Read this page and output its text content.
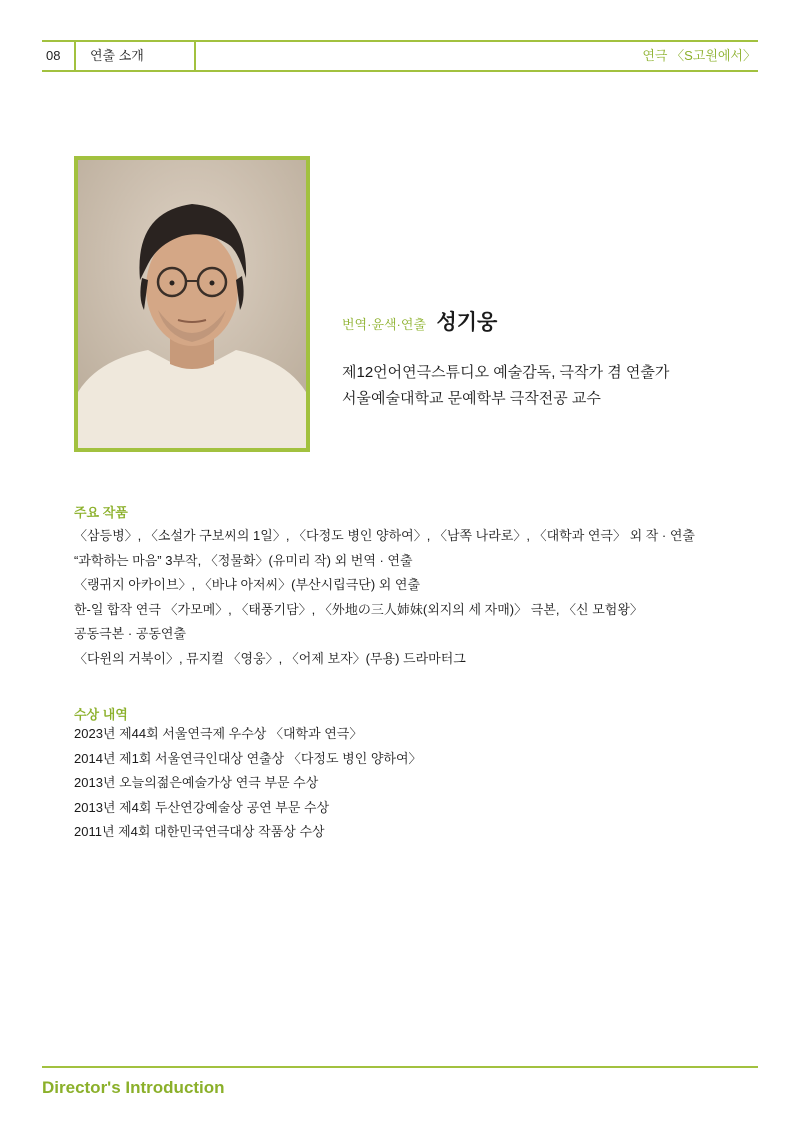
08	연출 소개	연극 〈S고원에서〉
번역·윤색·연출 성기웅
제12언어연극스튜디오 예술감독, 극작가 겸 연출가
서울예술대학교 문예학부 극작전공 교수
주요 작품
〈삼등병〉, 〈소설가 구보씨의 1일〉, 〈다정도 병인 양하여〉, 〈남쪽 나라로〉, 〈대학과 연극〉 외 작 · 연출
“과학하는 마음” 3부작, 〈정물화〉(유미리 작) 외 번역 · 연출
〈랭귀지 아카이브〉, 〈바냐 아저씨〉(부산시립극단) 외 연출
한-일 합작 연극 〈가모메〉, 〈태풍기담〉, 〈外地の三人姉妹(외지의 세 자매)〉 극본, 〈신 모험왕〉
공동극본 · 공동연출
〈다윈의 거북이〉, 뮤지컬 〈영웅〉, 〈어제 보자〉(무용) 드라마터그
수상 내역
2023년 제44회 서울연극제 우수상 〈대학과 연극〉
2014년 제1회 서울연극인대상 연출상 〈다정도 병인 양하여〉
2013년 오늘의젊은예술가상 연극 부문 수상
2013년 제4회 두산연강예술상 공연 부문 수상
2011년 제4회 대한민국연극대상 작품상 수상
Director's Introduction
